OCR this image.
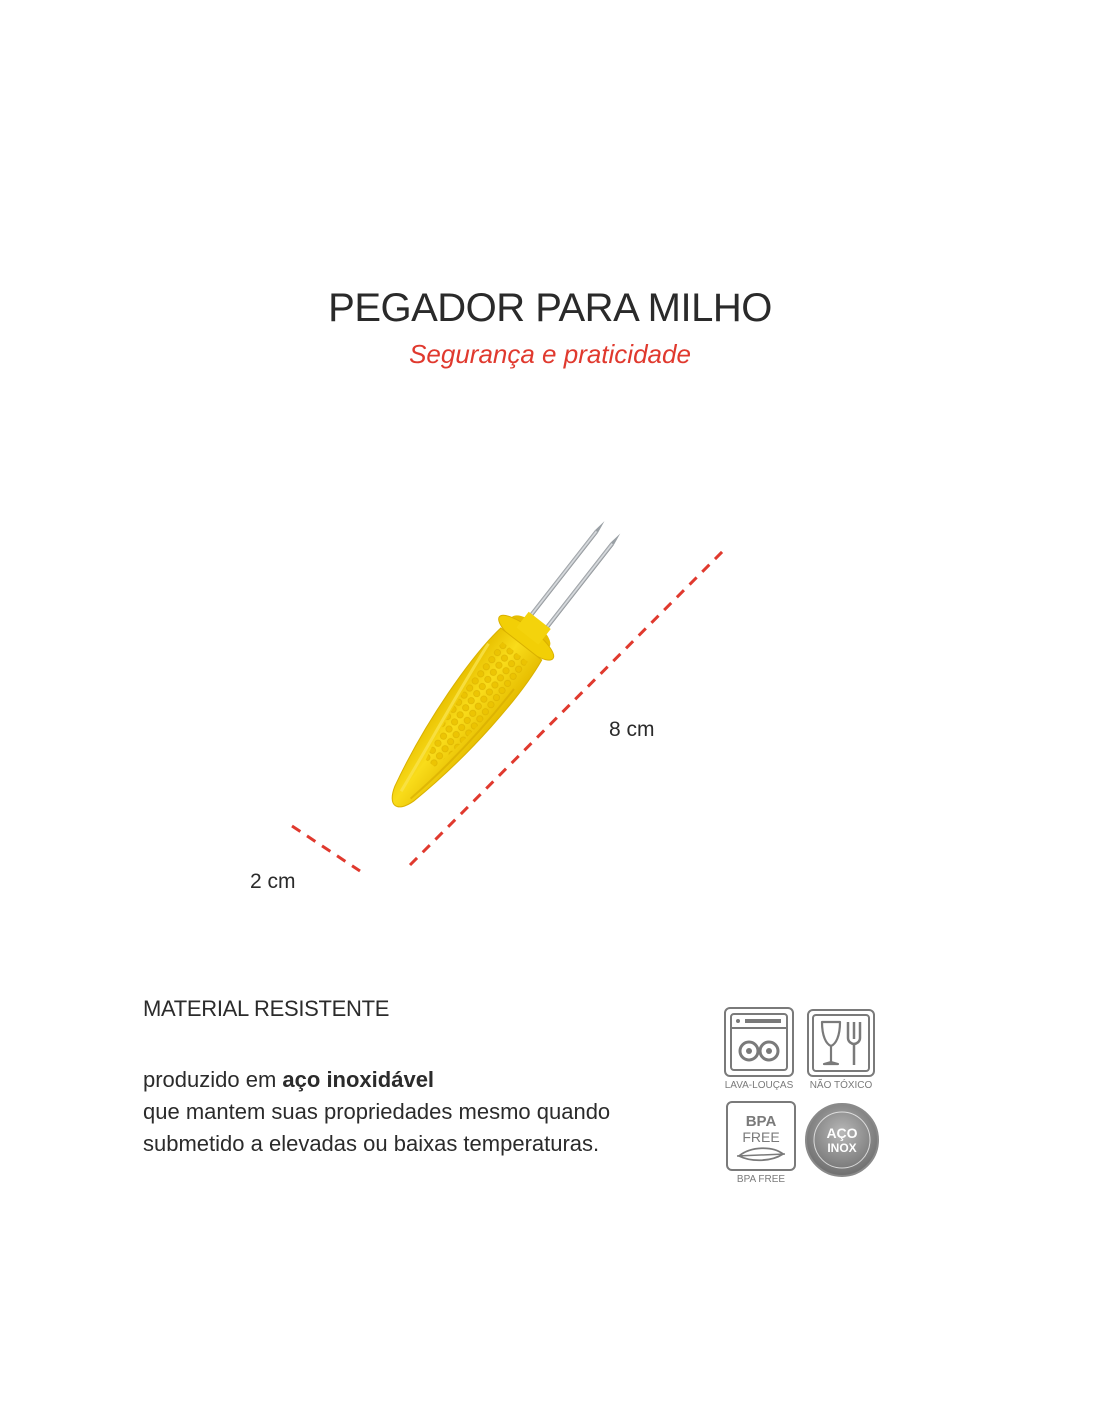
PEGADOR PARA MILHO
Segurança e praticidade
8 cm
2 cm
MATERIAL RESISTENTE
produzido em aço inoxidável
que mantem suas propriedades mesmo quando
submetido a elevadas ou baixas temperaturas.
LAVA-LOUÇAS	NÃO TÓXICO
BPA
FREE
BPA FREE
AÇO
INOX
